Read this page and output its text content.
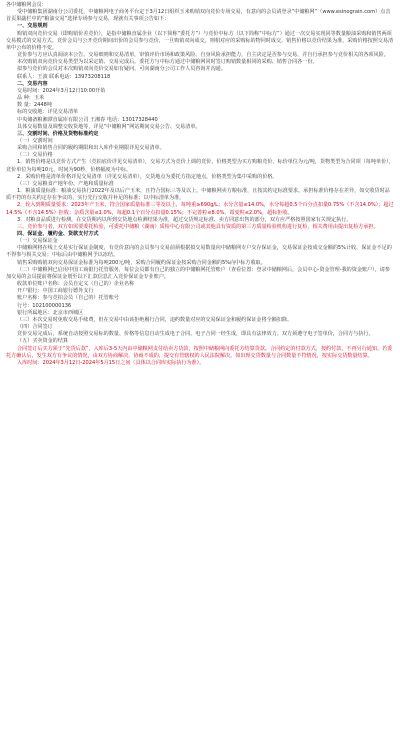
各中储粮网会员：

受中储粮集团湖南分公司委托，中储粮网电子商务平台定于3月12日组织玉米购销双向竞价专场交易，有意向的会员请登录“中储粮网”（www.esinograin.com）点击首页果蔬栏中的“粮油交易”选择专场参与交易，现就有关事项公告如下：

一、交易规则

购销双向竞价交易（即购销价差竞价），是指中储粮直属企业（以下简称“委托方”）与竞价中标方（以下简称“中标方”）通过一次交易实现同等数量粮油采购和销售两项交易模式的交易方式。竞价会员与公开竞价期间出价的会员参与竞价，一旦购销双向成交，则相对应的采购标的物同时成交。销售价格以竞价结果为准，采购价格按照交易清单中公布的价格不变。

竞价参与方应认真阅读本公告、交易细则和交易清单，审慎评价市场和政策风险、自身风险承担能力，自主决定是否参与交易，并自行承担参与竞价相关的各项风险。

本次购销双向竞价交易类型为以采定销、交易完成后，委托方与中标方通过中储粮网同时签订购销数量相同的采购、销售合同各一份。

拟参与竞价的会员对本次购销双向竞价交易如有疑问，可向湖南分公司工作人员咨询并沟通。

联系人：王波 联系电话：13973208118

二、交易内容

交易时间：2024年3月12日10:00开始

品 种：玉米

数 量：2448吨

标的交收地：详见交易清单

中央储备粮湘潭直属库有限公司 王湘春 电话：13017328440

具体交易数量及调整交收货地等，详见“中储粮网”网站期间交易公告、交易清单。

三、交割时间、价格及货物标准约定

（一）交割时间

采购合同和销售合同的履约期限和出入库作业期限详见交易清单。

（二）交易价格

1．销售价格是以竞价方式产生（竞拍底价详见交易清单），交易方式为竞价上调的竞价，价格类型为买方购粮竞价，标价单位为元/吨，货物类型为合同项（每吨单价），竞价单位为每吨10元，时间为90秒，价格幅度为中标。

2．采购价格是清单价格详见交易清单（详见交易清单），交货地点为委托方指定地点，价格类型为集中采购的价格。

（三）交易粮食产地年份、产地和质量标准

1．粮油质量标准：粮油交易执行2022年及以后产玉米，且符合国标三等及以上，中储粮网卖方粮标准，且按其约定标准要求，承担标准价格存在差异，如交收货时品质不符的有关约定存在争议的，实行先行交收并补足的标准；以中标清单为准。

2．轮入到期质量要求：2023年产玉米，符合国家质量标准三等及以上，每吨重≥690g/L；水分含量≤14.0%，水分每超0.5个百分点扣量0.75%（不含14.0%）；超过14.5%（不含14.5%）拒收；杂质含量≤1.0%，每超0.1个百分点扣量0.15%；不完善粒≤8.0%，霉变粒≤2.0%，超标拒收。

3．对粮食品质进行检测，在交货期内以所到交货地点检测结果为准，超过交货规定标准、卖方同意出售的部分，双方应严格按照国家有关规定执行。

三、竞价参与者，双方如需要委托检验，可委托中储粮（湖南）质检中心有限公司或其他具有资质的第三方质量检验机构进行复检，相关费用由提出复检方承担。

四、保证金、履约金、货款支付方式

（一）交易保证金

中储粮网将在线上交易实行保证金制度，有竞价意向的会员参与交易前须根据拟交易数量向中储粮网专户交存保证金，交易保证金按成交金额的5%计收，保证金不足的不得参与相关交易；中标后由中储粮网予以冻结。

销售采购购销双向交易保证金标准为每吨200元/吨，采购合同履约保证金按采购合同金额的5%向中标方收取。

（二）中储粮网已启用中国工商银行托管服务，每位会员都有自己的独立的中储粮网托管账户（查看位置：登录中储粮网后，会员中心-资金管理-我的资金账户），请参加交易的会员提前将保证金划至以下汇款信息汇入竞价保证金专业账户。

收款单位账户名称：会员自定义（自己的）企业名称

开户银行：中国工商银行德外支行

账户名称：参与竞拍会员（自己的）托管账号

行号：102100000136

银行所属地区：北京市西城区

（三）本次交易时免收交易手续费，但在交易中由该拒绝履行合同，违约数量对应的交易保证金和履约保证金将全额扣除。

（四）合同签订

竞价交易完成后，系统自动按照交易标的数量、价格等信息自动生成电子合同。电子合同一经生成，即具有法律效力。双方须遵守电子签单价，合同方与执行。

（五）买卖资金的结算

合同签订后买方须于“先货后款”，入库后3-5天内由中储粮网支付给卖方货款，按照中储粮网向委托方结算货款。合同约定的付款方式，按约付款，不再另行通知。若委托方确认后，发生双方有争议的情况，由双方协商解决，协商不成的，提交有管辖权的人民法院解决。如出现交货数量与合同数量不符情况，按实际交货数量结算。

入库时间：2024年3月12日-2024年5月15日之间（具体以合同库实际执行为准）。
